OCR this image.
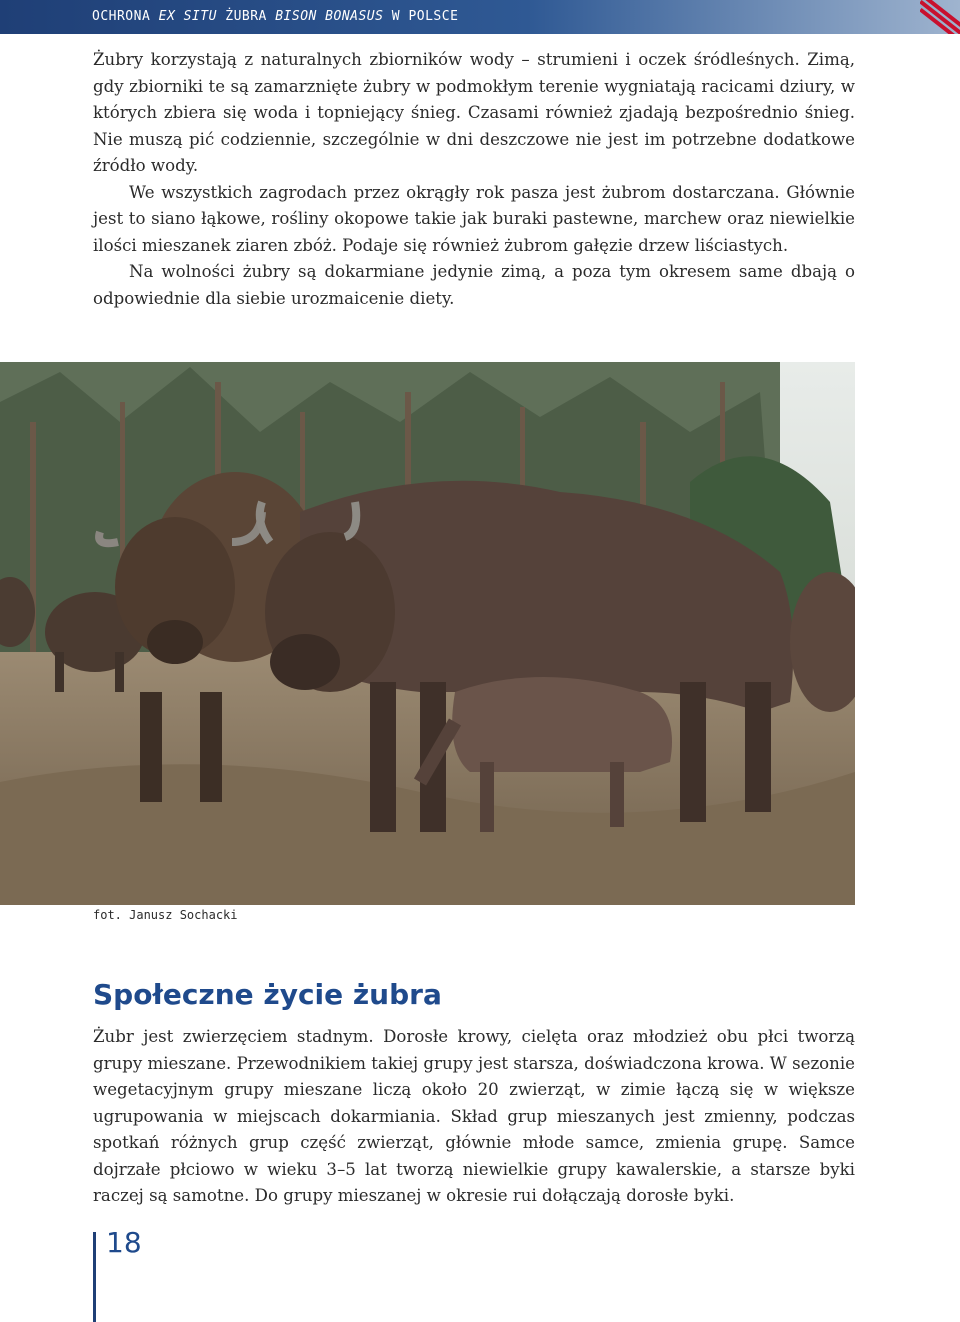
OCHRONA EX SITU ŻUBRA BISON BONASUS W POLSCE

Żubry korzystają z naturalnych zbiorników wody – strumieni i oczek śródleśnych. Zimą, gdy zbiorniki te są zamarznięte żubry w podmokłym terenie wygniatają racicami dziury, w których zbiera się woda i topniejący śnieg. Czasami również zjadają bezpośrednio śnieg. Nie muszą pić codziennie, szczególnie w dni deszczowe nie jest im potrzebne dodatkowe źródło wody.

We wszystkich zagrodach przez okrągły rok pasza jest żubrom dostarczana. Głównie jest to siano łąkowe, rośliny okopowe takie jak buraki pastewne, marchew oraz niewielkie ilości mieszanek ziaren zbóż. Podaje się również żubrom gałęzie drzew liściastych.

Na wolności żubry są dokarmiane jedynie zimą, a poza tym okresem same dbają o odpowiednie dla siebie urozmaicenie diety.

fot. Janusz Sochacki
Społeczne życie żubra

Żubr jest zwierzęciem stadnym. Dorosłe krowy, cielęta oraz młodzież obu płci tworzą grupy mieszane. Przewodnikiem takiej grupy jest starsza, doświadczona krowa. W sezonie wegetacyjnym grupy mieszane liczą około 20 zwierząt, w zimie łączą się w większe ugrupowania w miejscach dokarmiania. Skład grup mieszanych jest zmienny, podczas spotkań różnych grup część zwierząt, głównie młode samce, zmienia grupę. Samce dojrzałe płciowo w wieku 3–5 lat tworzą niewielkie grupy kawalerskie, a starsze byki raczej są samotne. Do grupy mieszanej w okresie rui dołączają dorosłe byki.

18
